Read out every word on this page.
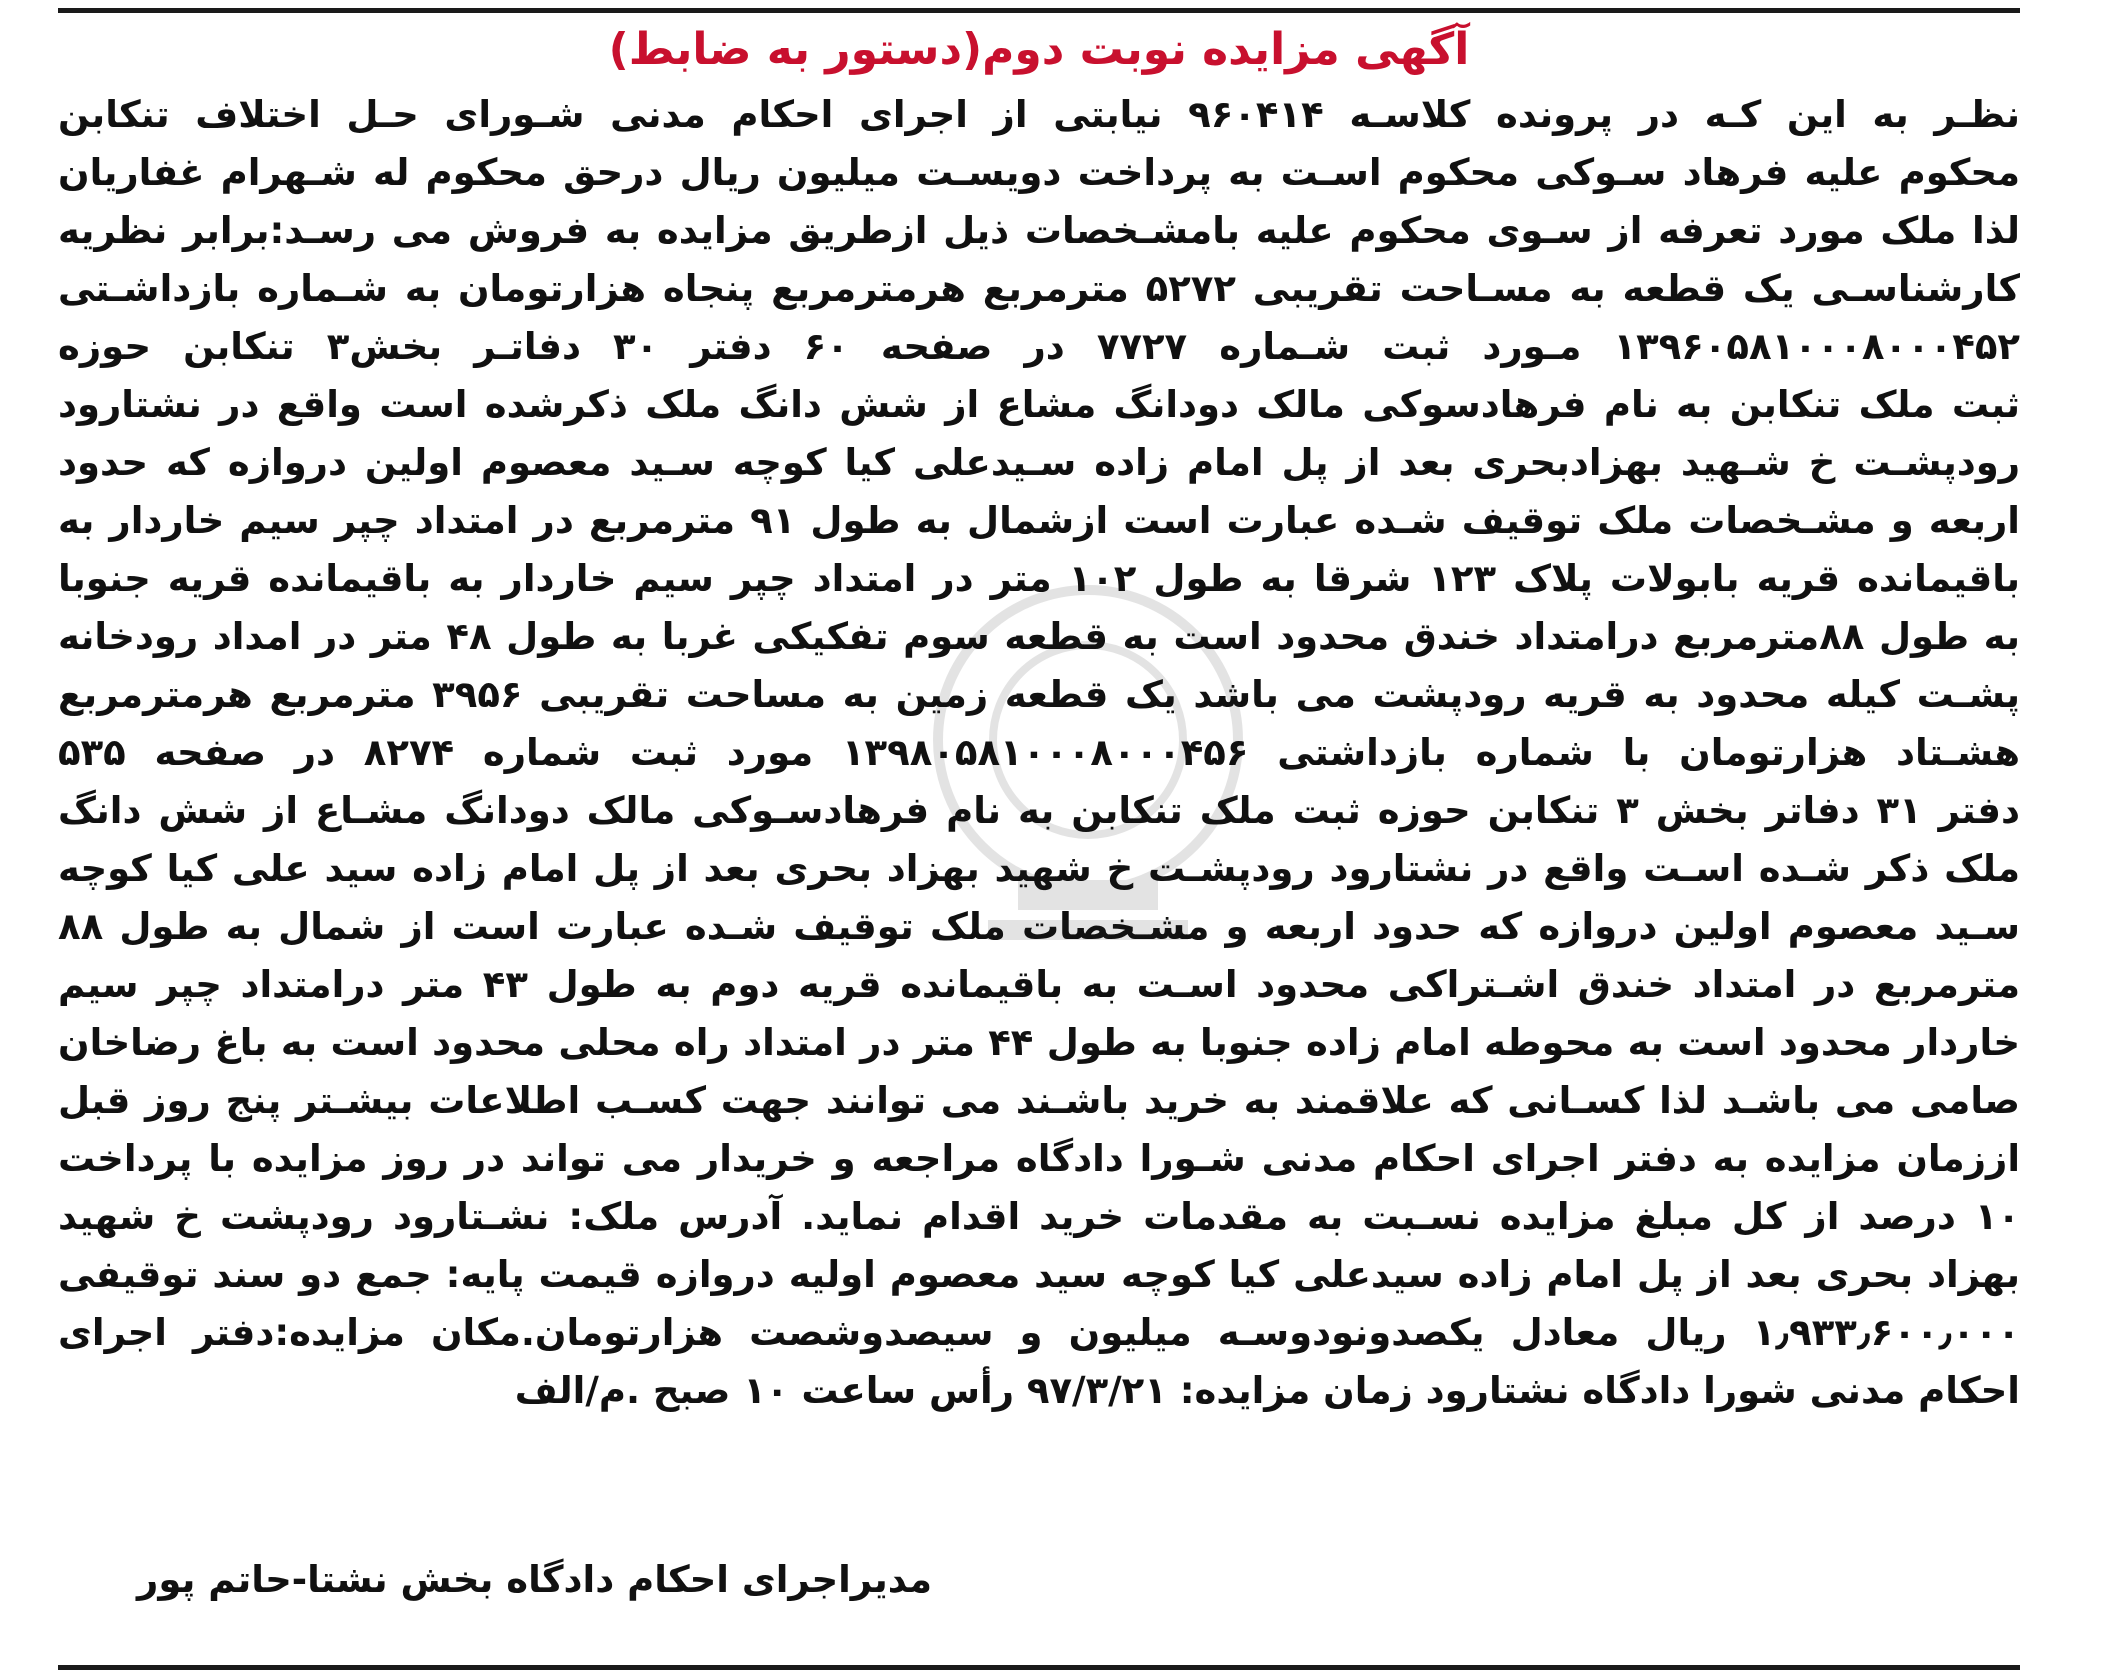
آگهی مزایده نوبت دوم(دستور به ضابط)
نظـر به این کـه در پرونده کلاسـه ۹۶۰۴۱۴ نیابتی از اجرای احکام مدنی شـورای حـل اختلاف تنکابن
محکوم علیه فرهاد سـوکی محکوم اسـت به پرداخت دویسـت میلیون ریال درحق محکوم له شـهرام غفاریان
لذا ملک مورد تعرفه از سـوی محکوم علیه بامشـخصات ذیل ازطریق مزایده به فروش می رسـد:برابر نظریه
کارشناسـی یک قطعه به مسـاحت تقریبی ۵۲۷۲ مترمربع هرمترمربع پنجاه هزارتومان به شـماره بازداشـتی
۱۳۹۶۰۵۸۱۰۰۰۸۰۰۰۴۵۲ مـورد ثبت شـماره ۷۷۲۷ در صفحه ۶۰ دفتر ۳۰ دفاتـر بخش۳ تنکابن حوزه
ثبت ملک تنکابن به نام فرهادسوکی مالک دودانگ مشاع از شش دانگ ملک ذکرشده است واقع در نشتارود
رودپشـت خ شـهید بهزادبحری بعد از پل امام زاده سـیدعلی کیا کوچه سـید معصوم اولین دروازه که حدود
اربعه و مشـخصات ملک توقیف شـده عبارت است ازشمال به طول ۹۱ مترمربع در امتداد چپر سیم خاردار به
باقیمانده قریه بابولات پلاک ۱۲۳ شرقا به طول ۱۰۲ متر در امتداد چپر سیم خاردار به باقیمانده قریه جنوبا
به طول ۸۸مترمربع درامتداد خندق محدود است به قطعه سوم تفکیکی غربا به طول ۴۸ متر در امداد رودخانه
پشـت کیله محدود به قریه رودپشت می باشد یک قطعه زمین به مساحت تقریبی ۳۹۵۶ مترمربع هرمترمربع
هشـتاد هزارتومان با شماره بازداشتی ۱۳۹۸۰۵۸۱۰۰۰۸۰۰۰۴۵۶ مورد ثبت شماره ۸۲۷۴ در صفحه ۵۳۵
دفتر ۳۱ دفاتر بخش ۳ تنکابن حوزه ثبت ملک تنکابن به نام فرهادسـوکی مالک دودانگ مشـاع از شش دانگ
ملک ذکر شـده اسـت واقع در نشتارود رودپشـت خ شهید بهزاد بحری بعد از پل امام زاده سید علی کیا کوچه
سـید معصوم اولین دروازه که حدود اربعه و مشـخصات ملک توقیف شـده عبارت است از شمال به طول ۸۸
مترمربع در امتداد خندق اشـتراکی محدود اسـت به باقیمانده قریه دوم به طول ۴۳ متر درامتداد چپر سیم
خاردار محدود است به محوطه امام زاده جنوبا به طول ۴۴ متر در امتداد راه محلی محدود است به باغ رضاخان
صامی می باشـد لذا کسـانی که علاقمند به خرید باشـند می توانند جهت کسـب اطلاعات بیشـتر پنج روز قبل
اززمان مزایده به دفتر اجرای احکام مدنی شـورا دادگاه مراجعه و خریدار می تواند در روز مزایده با پرداخت
۱۰ درصد از کل مبلغ مزایده نسـبت به مقدمات خرید اقدام نماید. آدرس ملک: نشـتارود رودپشت خ شهید
بهزاد بحری بعد از پل امام زاده سیدعلی کیا کوچه سید معصوم اولیه دروازه قیمت پایه: جمع دو سند توقیفی
۱٫۹۳۳٫۶۰۰٫۰۰۰ ریال معادل یکصدونودوسـه میلیون و سیصدوشصت هزارتومان.مکان مزایده:دفتر اجرای
احکام مدنی شورا دادگاه نشتارود زمان مزایده: ۹۷/۳/۲۱ رأس ساعت ۱۰ صبح .م/الف
مدیراجرای احکام دادگاه بخش نشتا-حاتم پور
